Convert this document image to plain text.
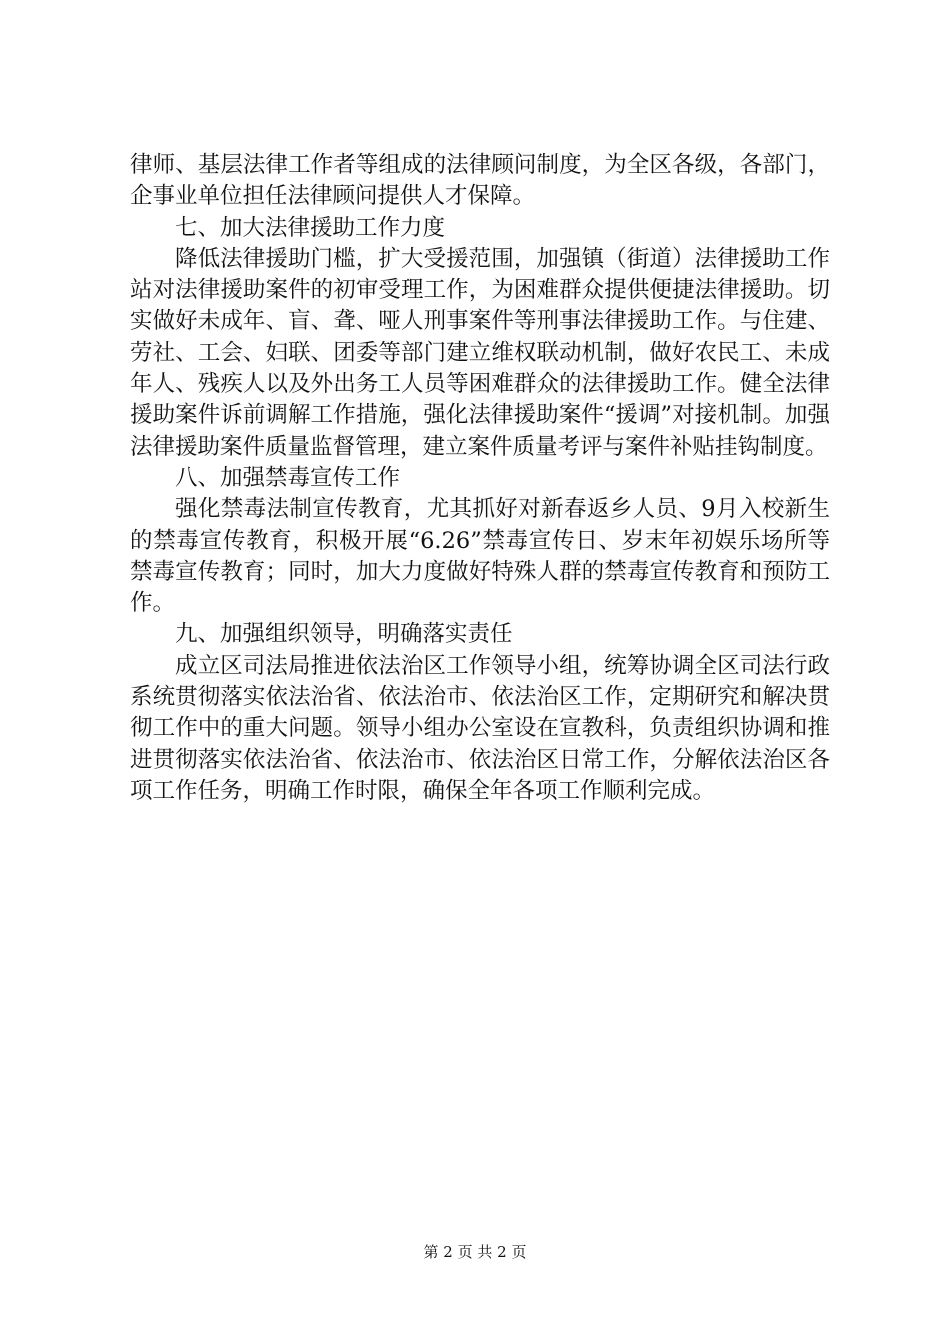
律师、基层法律工作者等组成的法律顾问制度，为全区各级，各部门，企事业单位担任法律顾问提供人才保障。

七、加大法律援助工作力度

降低法律援助门槛，扩大受援范围，加强镇（街道）法律援助工作站对法律援助案件的初审受理工作，为困难群众提供便捷法律援助。切实做好未成年、盲、聋、哑人刑事案件等刑事法律援助工作。与住建、劳社、工会、妇联、团委等部门建立维权联动机制，做好农民工、未成年人、残疾人以及外出务工人员等困难群众的法律援助工作。健全法律援助案件诉前调解工作措施，强化法律援助案件“援调”对接机制。加强法律援助案件质量监督管理，建立案件质量考评与案件补贴挂钩制度。

八、加强禁毒宣传工作

强化禁毒法制宣传教育，尤其抓好对新春返乡人员、9月入校新生的禁毒宣传教育，积极开展“6.26”禁毒宣传日、岁末年初娱乐场所等禁毒宣传教育；同时，加大力度做好特殊人群的禁毒宣传教育和预防工作。

九、加强组织领导，明确落实责任

成立区司法局推进依法治区工作领导小组，统筹协调全区司法行政系统贯彻落实依法治省、依法治市、依法治区工作，定期研究和解决贯彻工作中的重大问题。领导小组办公室设在宣教科，负责组织协调和推进贯彻落实依法治省、依法治市、依法治区日常工作，分解依法治区各项工作任务，明确工作时限，确保全年各项工作顺利完成。

第 2 页 共 2 页
